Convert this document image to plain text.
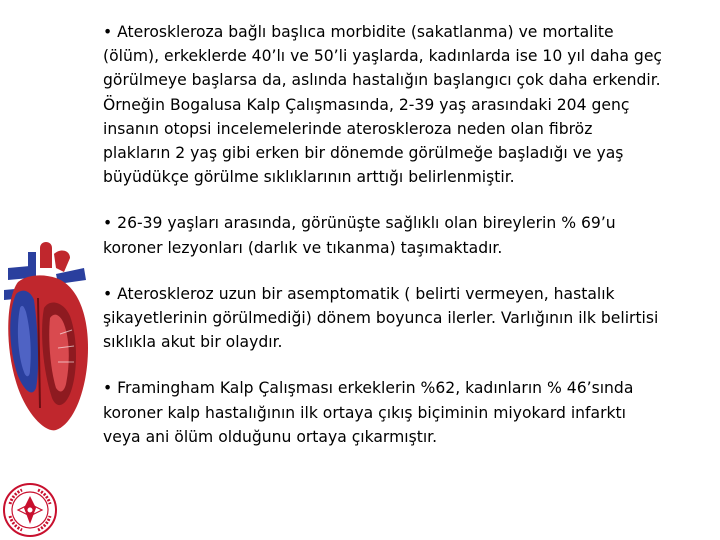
• Ateroskleroza bağlı başlıca morbidite (sakatlanma) ve mortalite (ölüm), erkeklerde 40’lı ve 50’li yaşlarda, kadınlarda ise 10 yıl daha geç görülmeye başlarsa da, aslında hastalığın başlangıcı çok daha erkendir. Örneğin Bogalusa Kalp Çalışmasında, 2-39 yaş arasındaki 204 genç insanın otopsi incelemelerinde ateroskleroza neden olan fibröz plakların 2 yaş gibi erken bir dönemde görülmeğe başladığı ve yaş büyüdükçe görülme sıklıklarının arttığı belirlenmiştir.

• 26-39 yaşları arasında, görünüşte sağlıklı olan bireylerin % 69’u koroner lezyonları (darlık ve tıkanma) taşımaktadır.

• Ateroskleroz uzun bir asemptomatik ( belirti vermeyen, hastalık şikayetlerinin görülmediği) dönem boyunca ilerler. Varlığının ilk belirtisi sıklıkla akut bir olaydır.

• Framingham Kalp Çalışması erkeklerin %62, kadınların % 46’sında koroner kalp hastalığının ilk ortaya çıkış biçiminin miyokard infarktı veya ani ölüm olduğunu ortaya çıkarmıştır.
